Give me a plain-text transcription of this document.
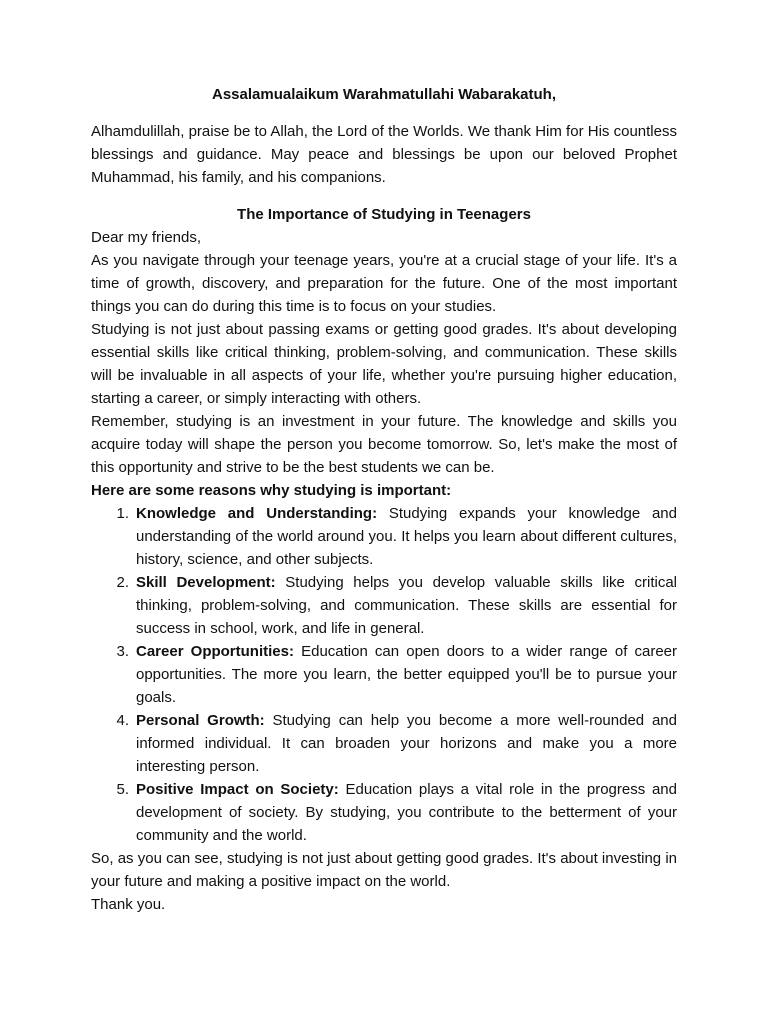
Assalamualaikum Warahmatullahi Wabarakatuh,

Alhamdulillah, praise be to Allah, the Lord of the Worlds. We thank Him for His countless blessings and guidance. May peace and blessings be upon our beloved Prophet Muhammad, his family, and his companions.

The Importance of Studying in Teenagers

Dear my friends,

As you navigate through your teenage years, you're at a crucial stage of your life. It's a time of growth, discovery, and preparation for the future. One of the most important things you can do during this time is to focus on your studies.

Studying is not just about passing exams or getting good grades. It's about developing essential skills like critical thinking, problem-solving, and communication. These skills will be invaluable in all aspects of your life, whether you're pursuing higher education, starting a career, or simply interacting with others.

Remember, studying is an investment in your future. The knowledge and skills you acquire today will shape the person you become tomorrow. So, let's make the most of this opportunity and strive to be the best students we can be.

Here are some reasons why studying is important:

1. Knowledge and Understanding: Studying expands your knowledge and understanding of the world around you. It helps you learn about different cultures, history, science, and other subjects.
2. Skill Development: Studying helps you develop valuable skills like critical thinking, problem-solving, and communication. These skills are essential for success in school, work, and life in general.
3. Career Opportunities: Education can open doors to a wider range of career opportunities. The more you learn, the better equipped you'll be to pursue your goals.
4. Personal Growth: Studying can help you become a more well-rounded and informed individual. It can broaden your horizons and make you a more interesting person.
5. Positive Impact on Society: Education plays a vital role in the progress and development of society. By studying, you contribute to the betterment of your community and the world.

So, as you can see, studying is not just about getting good grades. It's about investing in your future and making a positive impact on the world.

Thank you.
